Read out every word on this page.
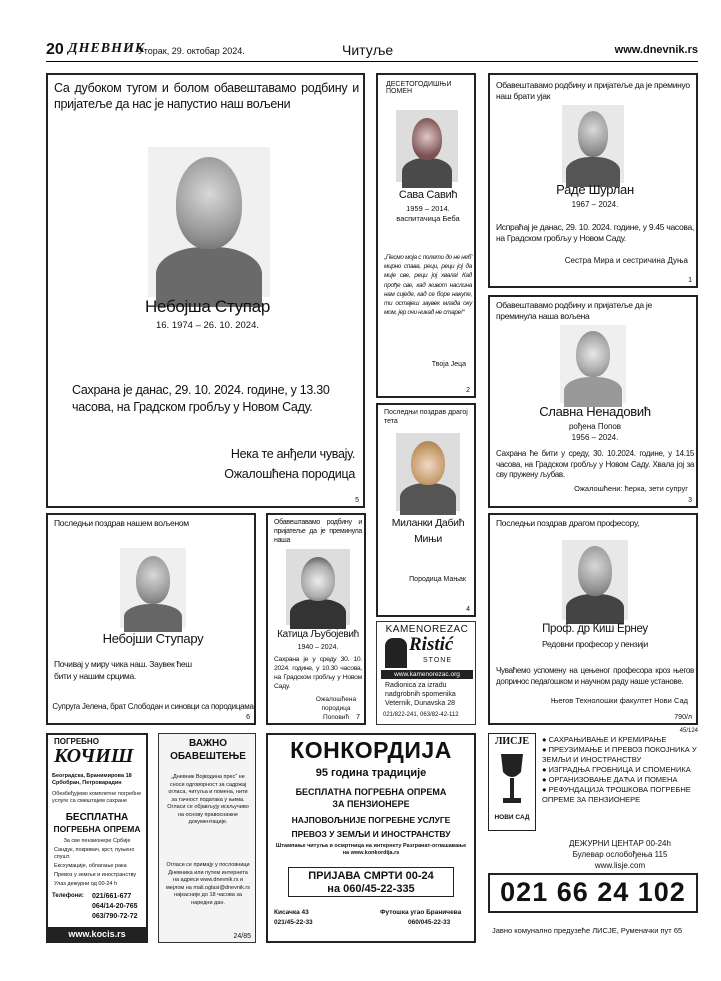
20 ДНЕВНИК
Уторак, 29. октобар 2024.	Читуље	www.dnevnik.rs

Са дубоком тугом и болом обавештавамо родбину и пријатеље да нас је напустио наш вољени

Небојша Ступар

16. 1974 – 26. 10. 2024.

Сахрана је данас, 29. 10. 2024. године, у 13.30 часова, на Градском гробљу у Новом Саду.

Нека те анђели чувају.

Ожалошћена породица

5

ДЕСЕТОГОДИШЊИ ПОМЕН

Сава Савић

1959 – 2014.

васпитачица Беба

„Песмо моја с полети до не неб' мирно спава, реци, реци јој да мије све, реци јој хвала! Кад прође све, кад живот наслина нам сиједе, кад се боре накупе, ти остајеш заувек млада оку мом, јер очи никад не старе!“

Твоја Јеца

2

Обавештавамо родбину и пријатеље да је преминуо наш брати ујак

Раде Шурлан

1967 – 2024.

Испраћај је данас, 29. 10. 2024. године, у 9.45 часова, на Градском гробљу у Новом Саду.

Сестра Мира и сестричина Дуња

1

Обавештавамо родбину и пријатеље да је преминула наша вољена

Славна Ненадовић

рођена Попов

1956 – 2024.

Сахрана ће бити у среду, 30. 10.2024. године, у 14.15 часова, на Градском гробљу у Новом Саду. Хвала јој за сву пружену љубав.

Ожалошћени: ћерка, зети супруг

3

Последњи поздрав драгој тета

Миланки Дабић

Мињи

Породица Мањак

4

Последњи поздрав нашем вољеном

Небојши Ступару

Почивај у миру чика наш. Заувек ћеш бити у нашим срцима.

Супруга Јелена, брат Слободан и синовци са породицама

6

Обавештавамо родбину и пријатеље да је преминула наша

Катица Љубојевић

1940 – 2024.

Сахрана је у среду 30. 10. 2024. године, у 10.30 часова, на Градском гробљу у Новом Саду.

Ожалошћена породица Поповић	7

KAMENOREZAC

Ristić

STONE

www.kamenorezac.org

Radionica za izradu

nadgrobnih spomenika

Veternik, Dunavska 28

021/822-241, 063/82-42-112

Последњи поздрав драгом професору,

Проф. др Киш Ернеу

Редовни професор у пензији

Чуваћемо успомену на цењеног професора кроз његов допринос педагошком и научном раду наше установе.

Његов Технолошки факултет Нови Сад

790/л

ПОГРЕБНО

КОЧИШ

Београдска, Бранимирова 18 Србобран, Петроварадин

Обезбеђујемо комплетне погребне услуге са смештајем сахране

БЕСПЛАТНА

ПОГРЕБНА ОПРЕМА

За све пензионере Србије

Сандук, покривач, крст, пуњено спушт.

Ексхумације, облагање рака

Превоз у земљи и иностранству

Улаз дежурни од 00-24 h

Телефони: 021/661-677

064/14-20-765

063/790-72-72

www.kocis.rs

ВАЖНО

ОБАВЕШТЕЊЕ

„Дневник Војводина прес“ не сноси одговорност за садржај огласа, читуља и помена, нити за тачност података у њима. Огласи се објављују искључиво на основу правоснажне документације.

Огласи се примају у пословници Дневника или путем интернета на адреси www.dnevnik.rs и мејлом на mali.oglasi@dnevnik.rs најкасније до 18 часова за наредни дан.

24/85

КОНКОРДИЈА

95 година традиције

БЕСПЛАТНА ПОГРЕБНА ОПРЕМА

ЗА ПЕНЗИОНЕРЕ

НАЈПОВОЉНИЈЕ ПОГРЕБНЕ УСЛУГЕ

ПРЕВОЗ У ЗЕМЉИ И ИНОСТРАНСТВУ

Штампање читуља и осмртница на интернету Разгранат-оглашавање на www.konkordija.rs

ПРИЈАВА СМРТИ 00-24

на 060/45-22-335

Кисачка 43

021/45-22-33

Футошка угао Браничева

060/045-22-33

45/124

ЛИСЈЕ

НОВИ САД

● САХРАЊИВАЊЕ И КРЕМИРАЊЕ

● ПРЕУЗИМАЊЕ И ПРЕВОЗ ПОКОЈНИКА У ЗЕМЉИ И ИНОСТРАНСТВУ

● ИЗГРАДЊА ГРОБНИЦА И СПОМЕНИКА

● ОРГАНИЗОВАЊЕ ДАЋА И ПОМЕНА

● РЕФУНДАЦИЈА ТРОШКОВА ПОГРЕБНЕ ОПРЕМЕ ЗА ПЕНЗИОНЕРЕ

ДЕЖУРНИ ЦЕНТАР 00-24h

Булевар ослобођења 115

www.lisje.com

021 66 24 102

Јавно комунално предузеће ЛИСЈЕ, Руменачки пут 65
